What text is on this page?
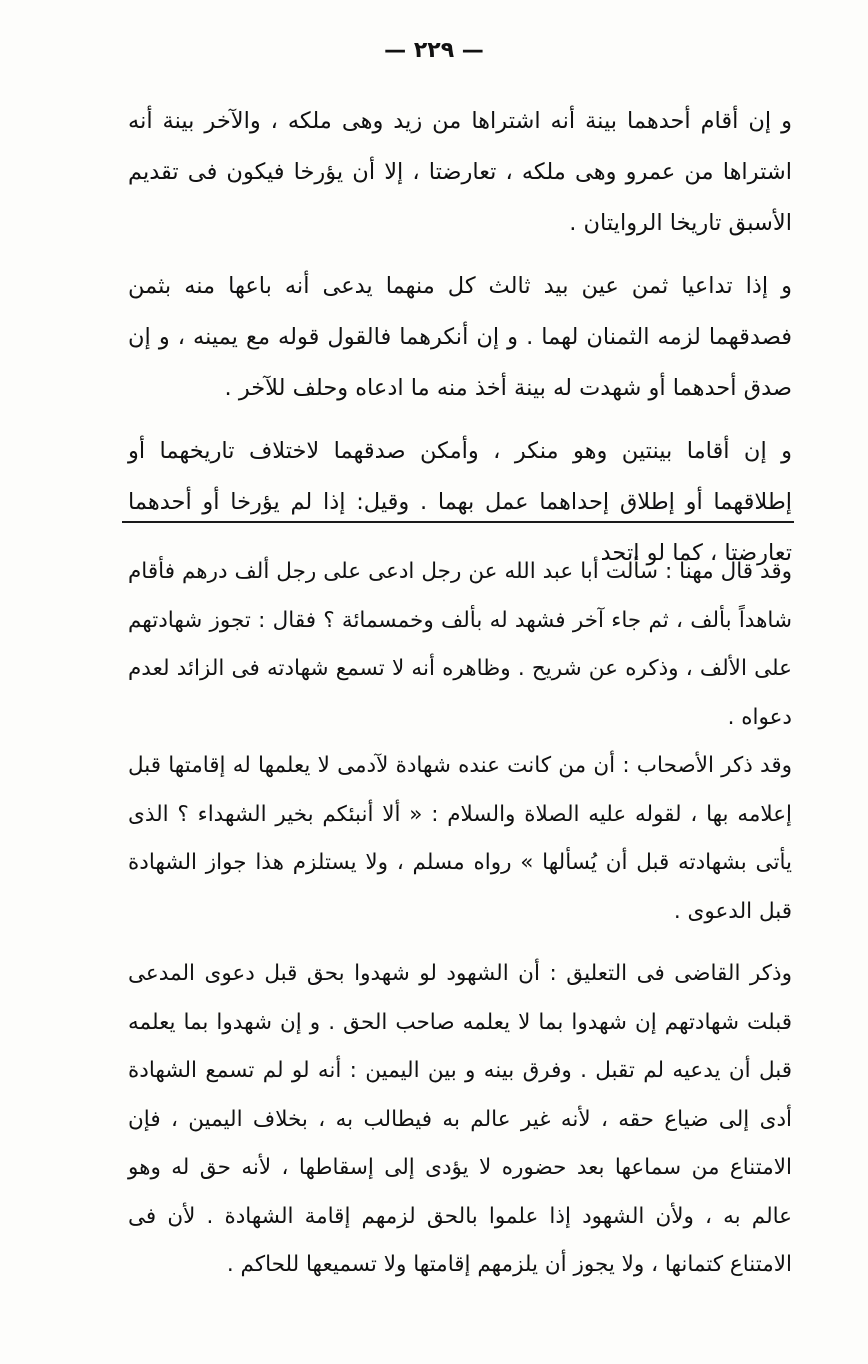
— ٢٢٩ —

و إن أقام أحدهما بينة أنه اشتراها من زيد وهى ملكه ، والآخر بينة أنه اشتراها من عمرو وهى ملكه ، تعارضتا ، إلا أن يؤرخا فيكون فى تقديم الأسبق تاريخا الروايتان .

و إذا تداعيا ثمن عين بيد ثالث كل منهما يدعى أنه باعها منه بثمن فصدقهما لزمه الثمنان لهما . و إن أنكرهما فالقول قوله مع يمينه ، و إن صدق أحدهما أو شهدت له بينة أخذ منه ما ادعاه وحلف للآخر .

و إن أقاما بينتين وهو منكر ، وأمكن صدقهما لاختلاف تاريخهما أو إطلاقهما أو إطلاق إحداهما عمل بهما . وقيل: إذا لم يؤرخا أو أحدهما تعارضتا ، كما لو اتحد

وقد قال مهنا : سألت أبا عبد الله عن رجل ادعى على رجل ألف درهم فأقام شاهداً بألف ، ثم جاء آخر فشهد له بألف وخمسمائة ؟ فقال : تجوز شهادتهم على الألف ، وذكره عن شريح . وظاهره أنه لا تسمع شهادته فى الزائد لعدم دعواه .

وقد ذكر الأصحاب : أن من كانت عنده شهادة لآدمى لا يعلمها له إقامتها قبل إعلامه بها ، لقوله عليه الصلاة والسلام : « ألا أنبئكم بخير الشهداء ؟ الذى يأتى بشهادته قبل أن يُسألها » رواه مسلم ، ولا يستلزم هذا جواز الشهادة قبل الدعوى .

وذكر القاضى فى التعليق : أن الشهود لو شهدوا بحق قبل دعوى المدعى قبلت شهادتهم إن شهدوا بما لا يعلمه صاحب الحق . و إن شهدوا بما يعلمه قبل أن يدعيه لم تقبل . وفرق بينه و بين اليمين : أنه لو لم تسمع الشهادة أدى إلى ضياع حقه ، لأنه غير عالم به فيطالب به ، بخلاف اليمين ، فإن الامتناع من سماعها بعد حضوره لا يؤدى إلى إسقاطها ، لأنه حق له وهو عالم به ، ولأن الشهود إذا علموا بالحق لزمهم إقامة الشهادة . لأن فى الامتناع كتمانها ، ولا يجوز أن يلزمهم إقامتها ولا تسميعها للحاكم .
